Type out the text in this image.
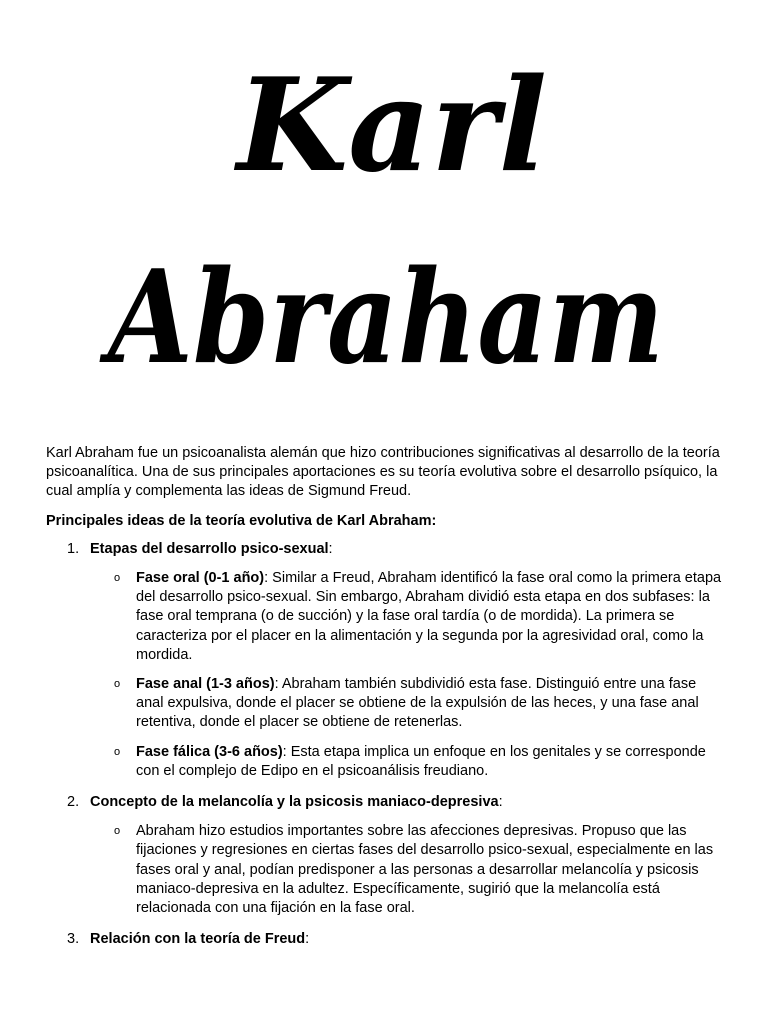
Karl
Abraham

Karl Abraham fue un psicoanalista alemán que hizo contribuciones significativas al desarrollo de la teoría psicoanalítica. Una de sus principales aportaciones es su teoría evolutiva sobre el desarrollo psíquico, la cual amplía y complementa las ideas de Sigmund Freud.

Principales ideas de la teoría evolutiva de Karl Abraham:

1. Etapas del desarrollo psico-sexual:
o Fase oral (0-1 año): Similar a Freud, Abraham identificó la fase oral como la primera etapa del desarrollo psico-sexual. Sin embargo, Abraham dividió esta etapa en dos subfases: la fase oral temprana (o de succión) y la fase oral tardía (o de mordida). La primera se caracteriza por el placer en la alimentación y la segunda por la agresividad oral, como la mordida.
o Fase anal (1-3 años): Abraham también subdividió esta fase. Distinguió entre una fase anal expulsiva, donde el placer se obtiene de la expulsión de las heces, y una fase anal retentiva, donde el placer se obtiene de retenerlas.
o Fase fálica (3-6 años): Esta etapa implica un enfoque en los genitales y se corresponde con el complejo de Edipo en el psicoanálisis freudiano.
2. Concepto de la melancolía y la psicosis maniaco-depresiva:
o Abraham hizo estudios importantes sobre las afecciones depresivas. Propuso que las fijaciones y regresiones en ciertas fases del desarrollo psico-sexual, especialmente en las fases oral y anal, podían predisponer a las personas a desarrollar melancolía y psicosis maniaco-depresiva en la adultez. Específicamente, sugirió que la melancolía está relacionada con una fijación en la fase oral.
3. Relación con la teoría de Freud:
